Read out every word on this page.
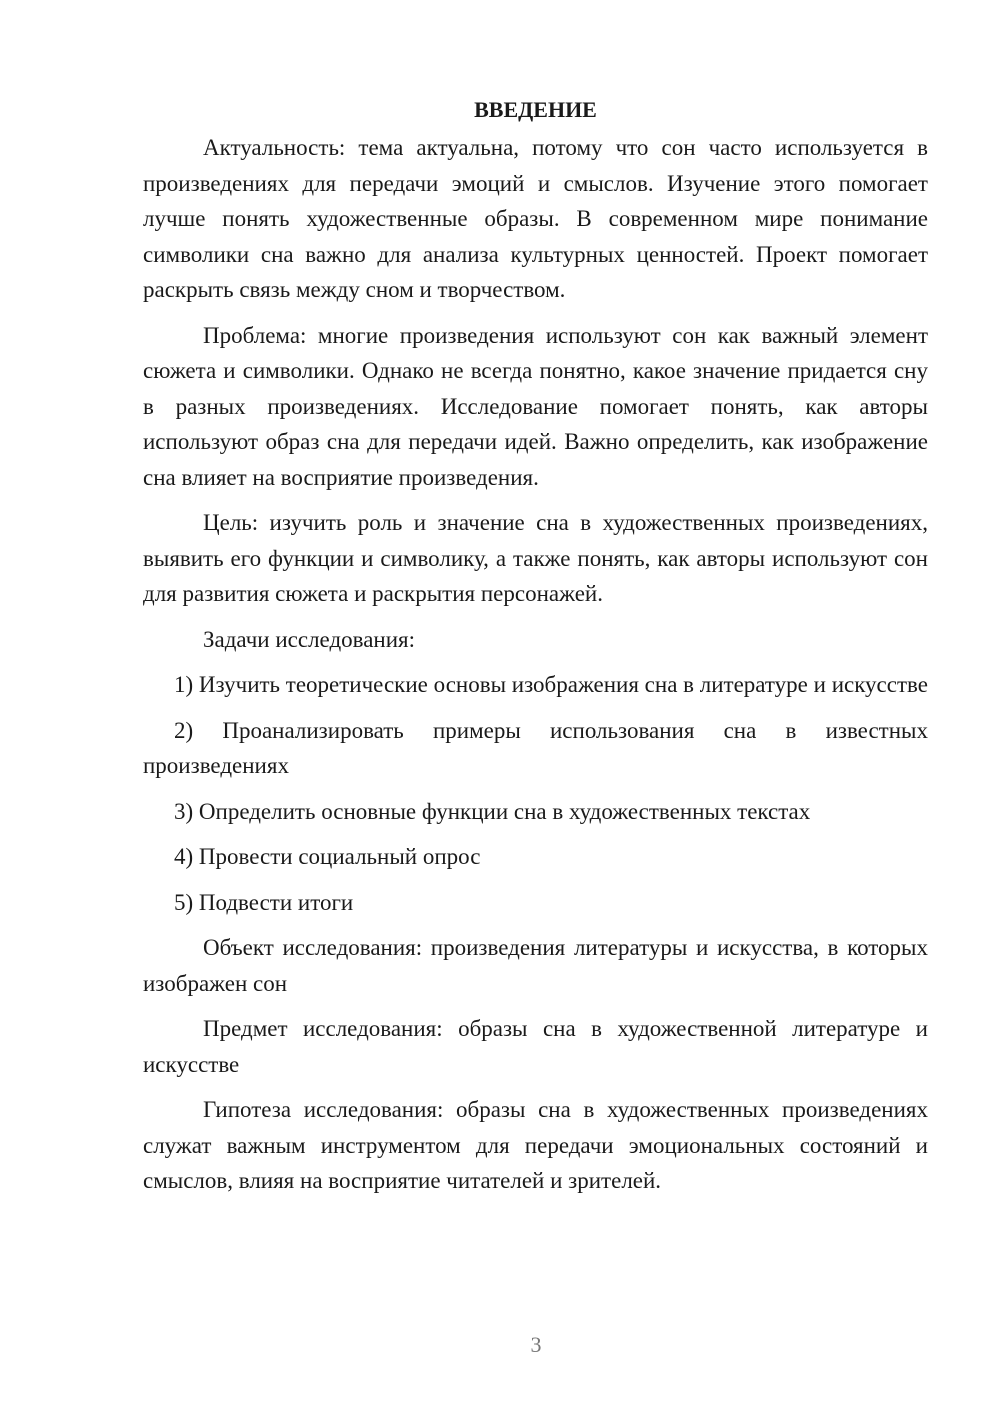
ВВЕДЕНИЕ

Актуальность: тема актуальна, потому что сон часто используется в произведениях для передачи эмоций и смыслов. Изучение этого помогает лучше понять художественные образы. В современном мире понимание символики сна важно для анализа культурных ценностей. Проект помогает раскрыть связь между сном и творчеством.

Проблема: многие произведения используют сон как важный элемент сюжета и символики. Однако не всегда понятно, какое значение придается сну в разных произведениях. Исследование помогает понять, как авторы используют образ сна для передачи идей. Важно определить, как изображение сна влияет на восприятие произведения.

Цель: изучить роль и значение сна в художественных произведениях, выявить его функции и символику, а также понять, как авторы используют сон для развития сюжета и раскрытия персонажей.

Задачи исследования:

1) Изучить теоретические основы изображения сна в литературе и искусстве

2) Проанализировать примеры использования сна в известных произведениях

3) Определить основные функции сна в художественных текстах

4) Провести социальный опрос

5) Подвести итоги

Объект исследования: произведения литературы и искусства, в которых изображен сон

Предмет исследования: образы сна в художественной литературе и искусстве

Гипотеза исследования: образы сна в художественных произведениях служат важным инструментом для передачи эмоциональных состояний и смыслов, влияя на восприятие читателей и зрителей.

3
